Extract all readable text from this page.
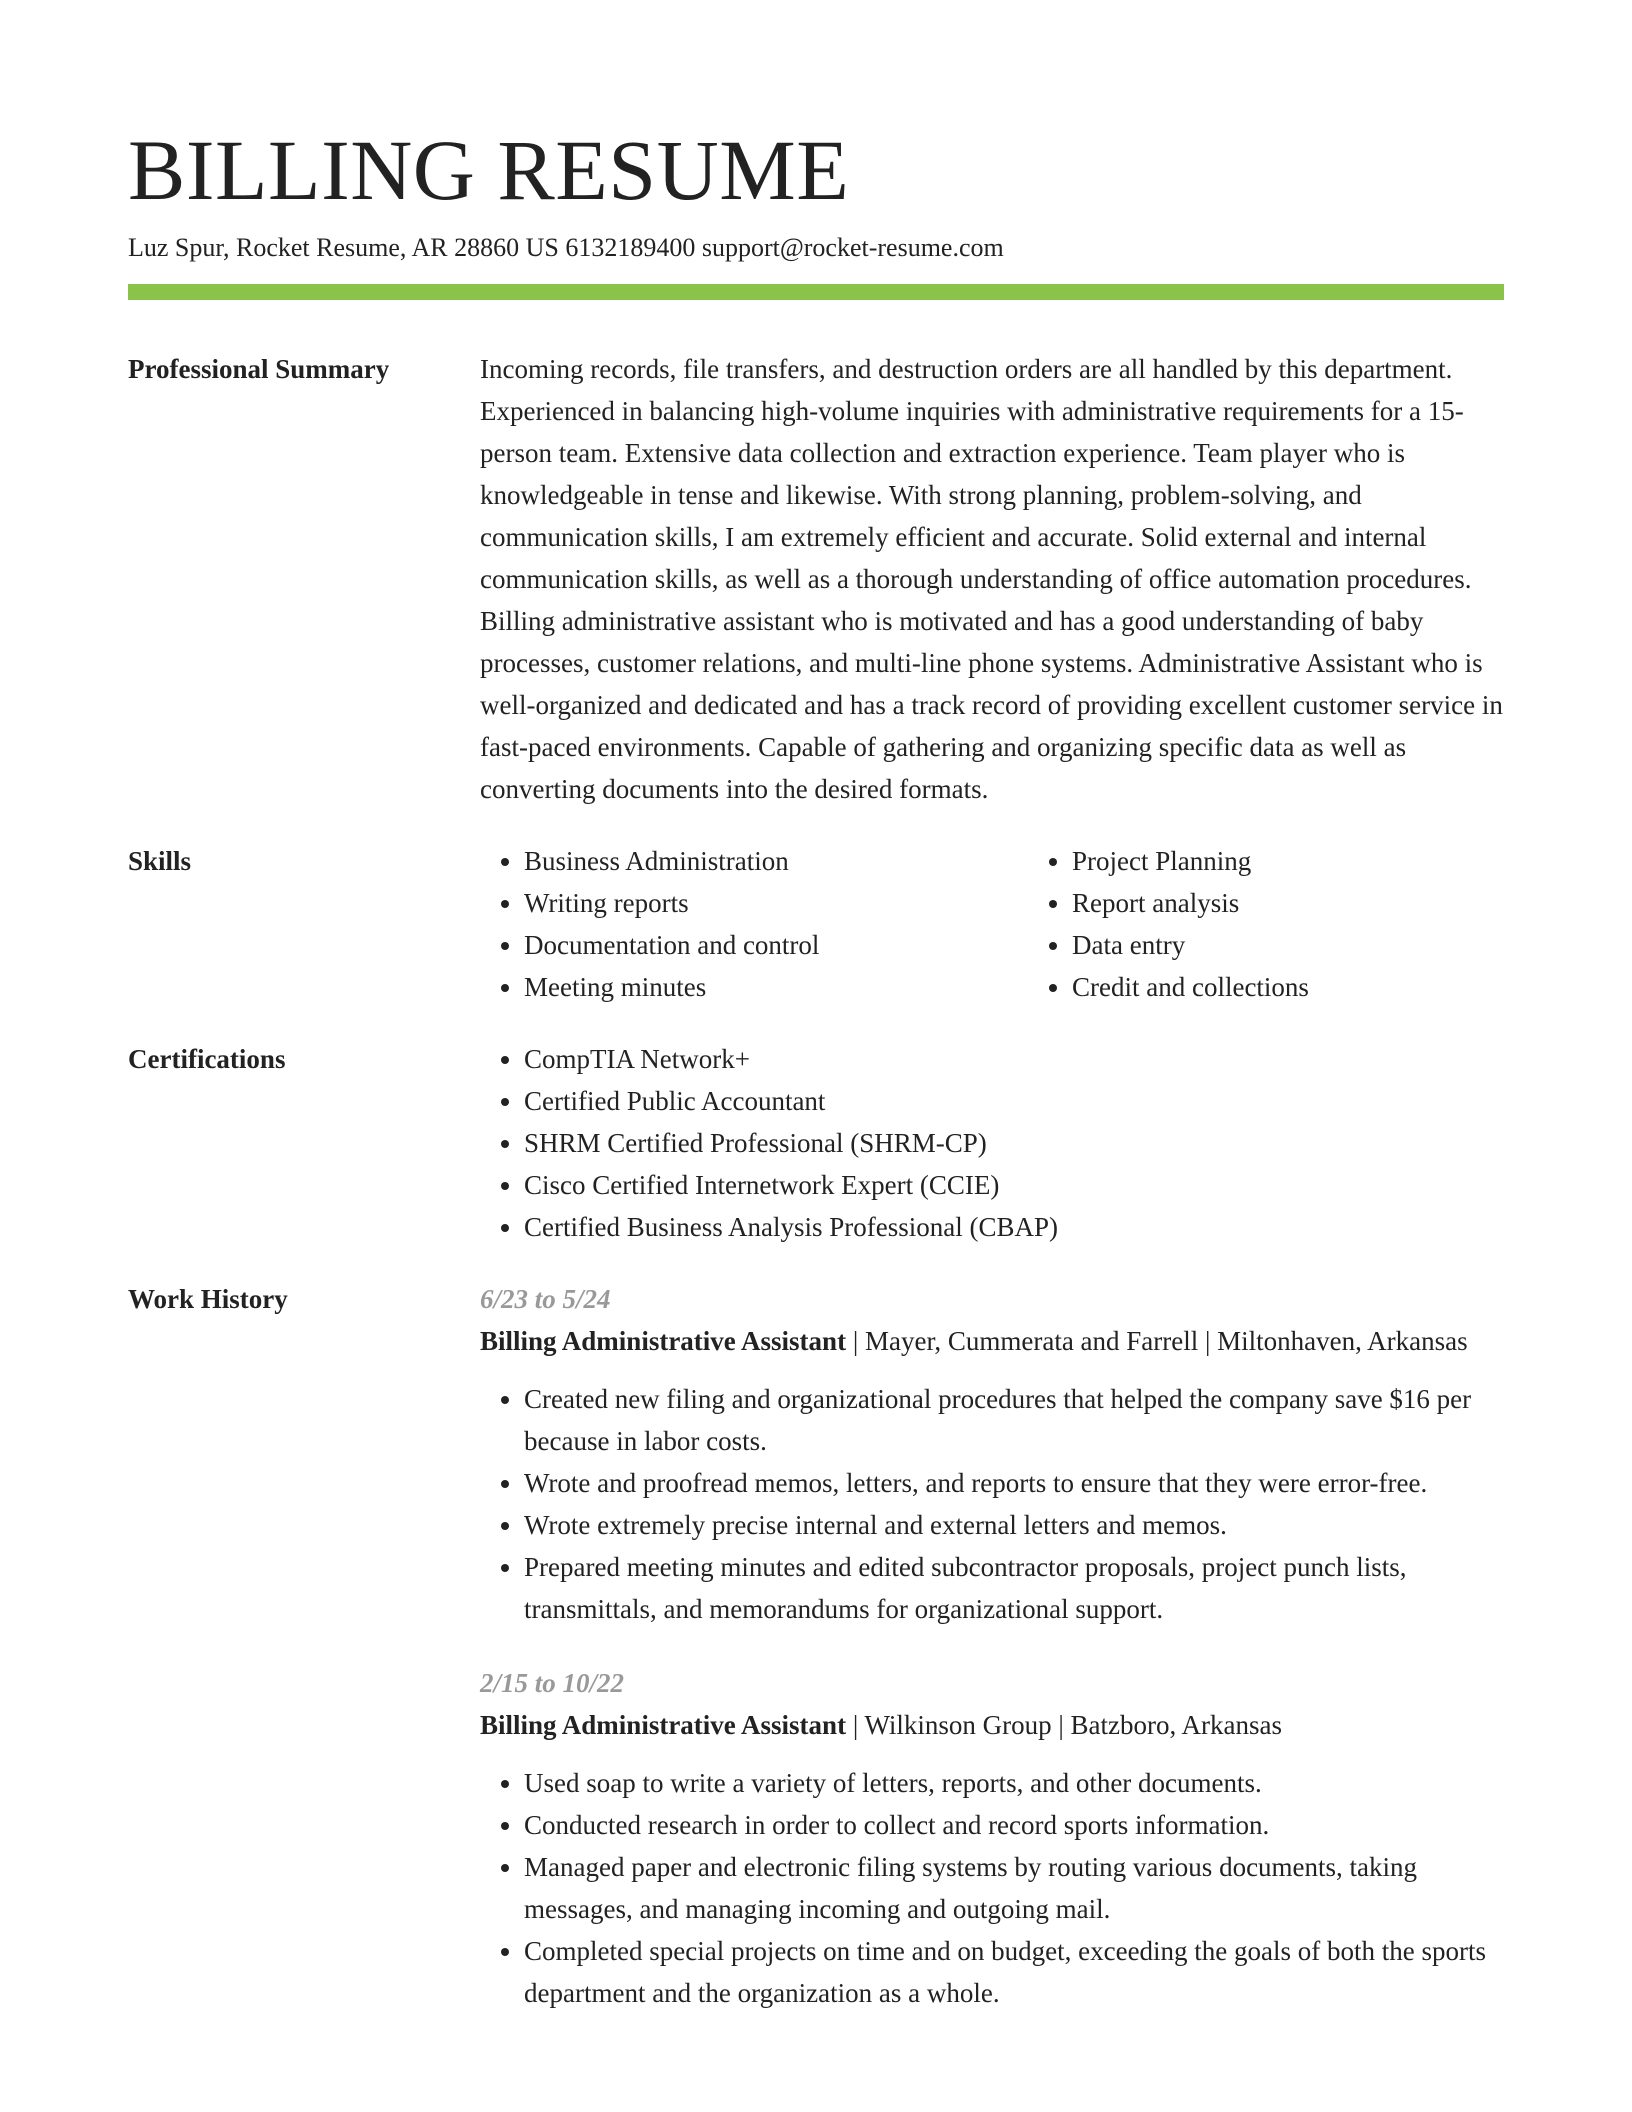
BILLING RESUME
Luz Spur, Rocket Resume, AR 28860 US 6132189400 support@rocket-resume.com
Professional Summary	Incoming records, file transfers, and destruction orders are all handled by this department. Experienced in balancing high-volume inquiries with administrative requirements for a 15-person team. Extensive data collection and extraction experience. Team player who is knowledgeable in tense and likewise. With strong planning, problem-solving, and communication skills, I am extremely efficient and accurate. Solid external and internal communication skills, as well as a thorough understanding of office automation procedures. Billing administrative assistant who is motivated and has a good understanding of baby processes, customer relations, and multi-line phone systems. Administrative Assistant who is well-organized and dedicated and has a track record of providing excellent customer service in fast-paced environments. Capable of gathering and organizing specific data as well as converting documents into the desired formats.

Skills	• Business Administration
• Writing reports
• Documentation and control
• Meeting minutes
• Project Planning
• Report analysis
• Data entry
• Credit and collections
Certifications	• CompTIA Network+
• Certified Public Accountant
• SHRM Certified Professional (SHRM-CP)
• Cisco Certified Internetwork Expert (CCIE)
• Certified Business Analysis Professional (CBAP)
Work History	6/23 to 5/24
Billing Administrative Assistant | Mayer, Cummerata and Farrell | Miltonhaven, Arkansas
• Created new filing and organizational procedures that helped the company save $16 per because in labor costs.
• Wrote and proofread memos, letters, and reports to ensure that they were error-free.
• Wrote extremely precise internal and external letters and memos.
• Prepared meeting minutes and edited subcontractor proposals, project punch lists, transmittals, and memorandums for organizational support.
2/15 to 10/22
Billing Administrative Assistant | Wilkinson Group | Batzboro, Arkansas
• Used soap to write a variety of letters, reports, and other documents.
• Conducted research in order to collect and record sports information.
• Managed paper and electronic filing systems by routing various documents, taking messages, and managing incoming and outgoing mail.
• Completed special projects on time and on budget, exceeding the goals of both the sports department and the organization as a whole.
